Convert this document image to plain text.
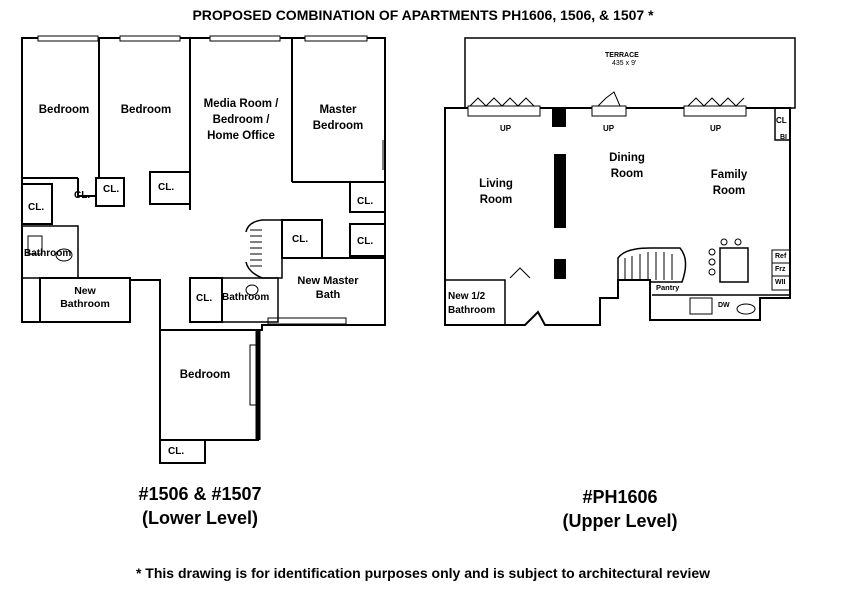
PROPOSED COMBINATION OF APARTMENTS PH1606, 1506, & 1507 *
Bedroom	Bedroom	Media Room / Bedroom / Home Office
Master Bedroom
CL.
CL.
CL.	CL.
CL.
CL.
CL.
CL.
CL.
Bathroom
New Bathroom
Bathroom
New Master Bath
Bedroom
TERRACE
435 x 9'
UP	UP	UP
Living Room
Dining Room	Family Room
New 1/2 Bathroom
Pantry
CL
BI
Ref
Frz
WII
DW
#1506 & #1507
(Lower Level)
#PH1606
(Upper Level)
* This drawing is for identification purposes only and is subject to architectural review
